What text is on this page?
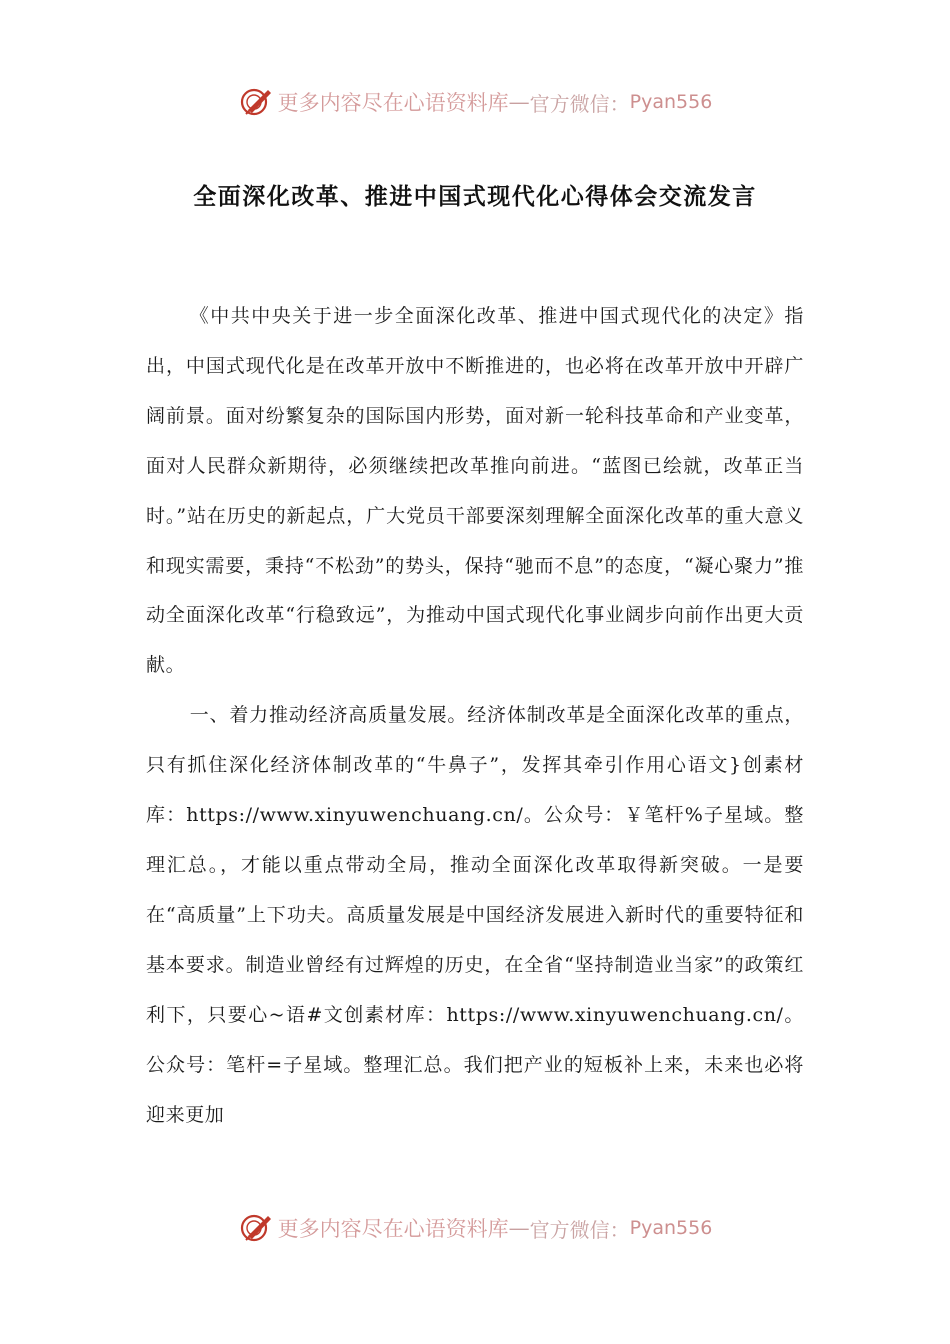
更多内容尽在心语资料库 — 官方微信： Pyan556
全面深化改革、推进中国式现代化心得体会交流发言

《中共中央关于进一步全面深化改革、推进中国式现代化的决定》指出，中国式现代化是在改革开放中不断推进的，也必将在改革开放中开辟广阔前景。面对纷繁复杂的国际国内形势，面对新一轮科技革命和产业变革，面对人民群众新期待，必须继续把改革推向前进。“蓝图已绘就，改革正当时。”站在历史的新起点，广大党员干部要深刻理解全面深化改革的重大意义和现实需要，秉持“不松劲”的势头，保持“驰而不息”的态度，“凝心聚力”推动全面深化改革“行稳致远”，为推动中国式现代化事业阔步向前作出更大贡献。

一、着力推动经济高质量发展。经济体制改革是全面深化改革的重点，只有抓住深化经济体制改革的“牛鼻子”，发挥其牵引作用心语文}创素材库：https://www.xinyuwenchuang.cn/。公众号：￥笔杆%子星域。整理汇总。，才能以重点带动全局，推动全面深化改革取得新突破。一是要在“高质量”上下功夫。高质量发展是中国经济发展进入新时代的重要特征和基本要求。制造业曾经有过辉煌的历史，在全省“坚持制造业当家”的政策红利下，只要心~语#文创素材库：https://www.xinyuwenchuang.cn/。公众号：笔杆=子星域。整理汇总。我们把产业的短板补上来，未来也必将迎来更加

更多内容尽在心语资料库 — 官方微信： Pyan556
